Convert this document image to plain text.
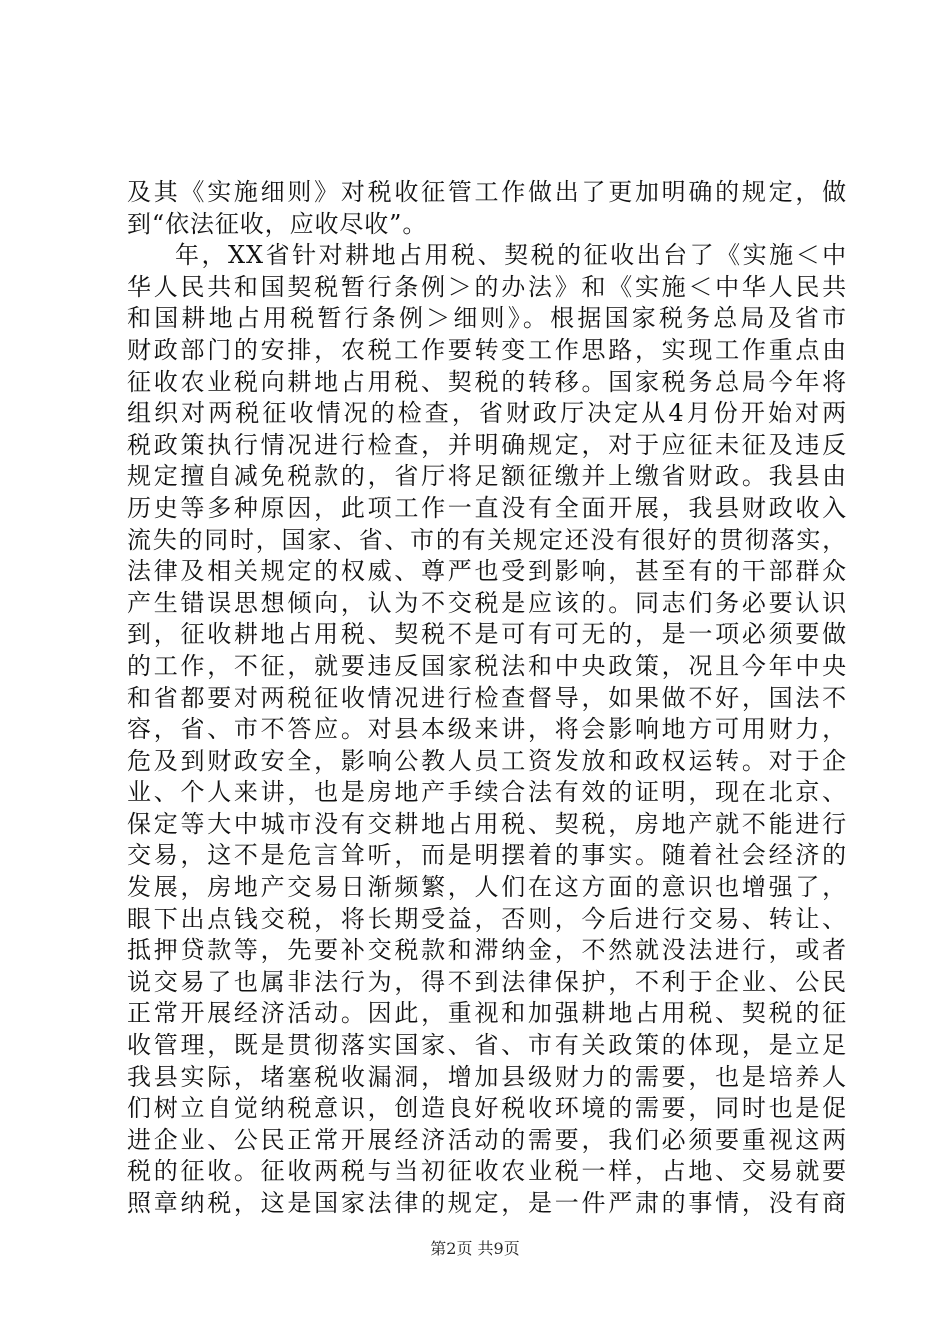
及其《实施细则》对税收征管工作做出了更加明确的规定，做
到“依法征收，应收尽收”。
年，XX省针对耕地占用税、契税的征收出台了《实施＜中
华人民共和国契税暂行条例＞的办法》和《实施＜中华人民共
和国耕地占用税暂行条例＞细则》。根据国家税务总局及省市
财政部门的安排，农税工作要转变工作思路，实现工作重点由
征收农业税向耕地占用税、契税的转移。国家税务总局今年将
组织对两税征收情况的检查，省财政厅决定从4月份开始对两
税政策执行情况进行检查，并明确规定，对于应征未征及违反
规定擅自减免税款的，省厅将足额征缴并上缴省财政。我县由
历史等多种原因，此项工作一直没有全面开展，我县财政收入
流失的同时，国家、省、市的有关规定还没有很好的贯彻落实，
法律及相关规定的权威、尊严也受到影响，甚至有的干部群众
产生错误思想倾向，认为不交税是应该的。同志们务必要认识
到，征收耕地占用税、契税不是可有可无的，是一项必须要做
的工作，不征，就要违反国家税法和中央政策，况且今年中央
和省都要对两税征收情况进行检查督导，如果做不好，国法不
容，省、市不答应。对县本级来讲，将会影响地方可用财力，
危及到财政安全，影响公教人员工资发放和政权运转。对于企
业、个人来讲，也是房地产手续合法有效的证明，现在北京、
保定等大中城市没有交耕地占用税、契税，房地产就不能进行
交易，这不是危言耸听，而是明摆着的事实。随着社会经济的
发展，房地产交易日渐频繁，人们在这方面的意识也增强了，
眼下出点钱交税，将长期受益，否则，今后进行交易、转让、
抵押贷款等，先要补交税款和滞纳金，不然就没法进行，或者
说交易了也属非法行为，得不到法律保护，不利于企业、公民
正常开展经济活动。因此，重视和加强耕地占用税、契税的征
收管理，既是贯彻落实国家、省、市有关政策的体现，是立足
我县实际，堵塞税收漏洞，增加县级财力的需要，也是培养人
们树立自觉纳税意识，创造良好税收环境的需要，同时也是促
进企业、公民正常开展经济活动的需要，我们必须要重视这两
税的征收。征收两税与当初征收农业税一样，占地、交易就要
照章纳税，这是国家法律的规定，是一件严肃的事情，没有商
第2页 共9页
